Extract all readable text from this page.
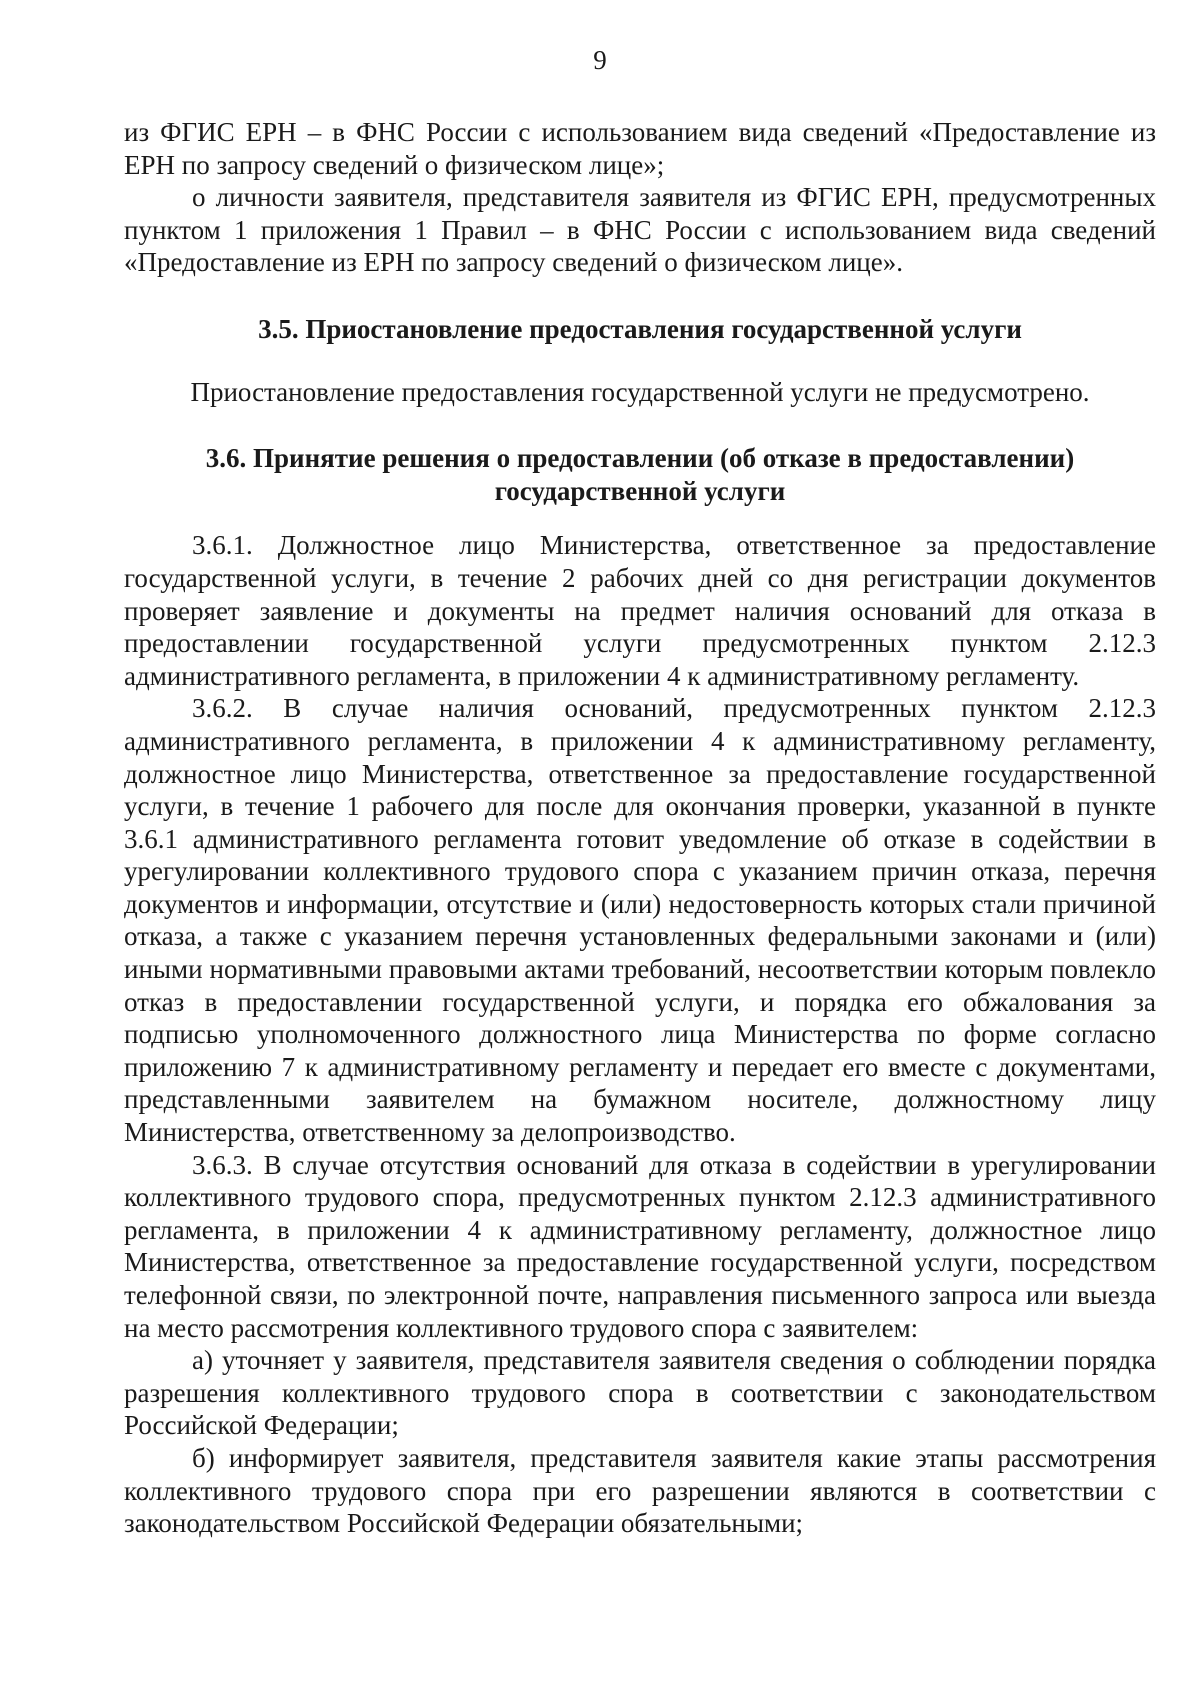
9

из ФГИС ЕРН – в ФНС России с использованием вида сведений «Предоставление из ЕРН по запросу сведений о физическом лице»;

о личности заявителя, представителя заявителя из ФГИС ЕРН, предусмотренных пунктом 1 приложения 1 Правил – в ФНС России с использованием вида сведений «Предоставление из ЕРН по запросу сведений о физическом лице».

3.5. Приостановление предоставления государственной услуги

Приостановление предоставления государственной услуги не предусмотрено.

3.6. Принятие решения о предоставлении (об отказе в предоставлении)

государственной услуги

3.6.1. Должностное лицо Министерства, ответственное за предоставление государственной услуги, в течение 2 рабочих дней со дня регистрации документов проверяет заявление и документы на предмет наличия оснований для отказа в предоставлении государственной услуги предусмотренных пунктом 2.12.3 административного регламента, в приложении 4 к административному регламенту.

3.6.2. В случае наличия оснований, предусмотренных пунктом 2.12.3 административного регламента, в приложении 4 к административному регламенту, должностное лицо Министерства, ответственное за предоставление государственной услуги, в течение 1 рабочего для после для окончания проверки, указанной в пункте 3.6.1 административного регламента готовит уведомление об отказе в содействии в урегулировании коллективного трудового спора с указанием причин отказа, перечня документов и информации, отсутствие и (или) недостоверность которых стали причиной отказа, а также с указанием перечня установленных федеральными законами и (или) иными нормативными правовыми актами требований, несоответствии которым повлекло отказ в предоставлении государственной услуги, и порядка его обжалования за подписью уполномоченного должностного лица Министерства по форме согласно приложению 7 к административному регламенту и передает его вместе с документами, представленными заявителем на бумажном носителе, должностному лицу Министерства, ответственному за делопроизводство.

3.6.3. В случае отсутствия оснований для отказа в содействии в урегулировании коллективного трудового спора, предусмотренных пунктом 2.12.3 административного регламента, в приложении 4 к административному регламенту, должностное лицо Министерства, ответственное за предоставление государственной услуги, посредством телефонной связи, по электронной почте, направления письменного запроса или выезда на место рассмотрения коллективного трудового спора с заявителем:

а) уточняет у заявителя, представителя заявителя сведения о соблюдении порядка разрешения коллективного трудового спора в соответствии с законодательством Российской Федерации;

б) информирует заявителя, представителя заявителя какие этапы рассмотрения коллективного трудового спора при его разрешении являются в соответствии с законодательством Российской Федерации обязательными;
